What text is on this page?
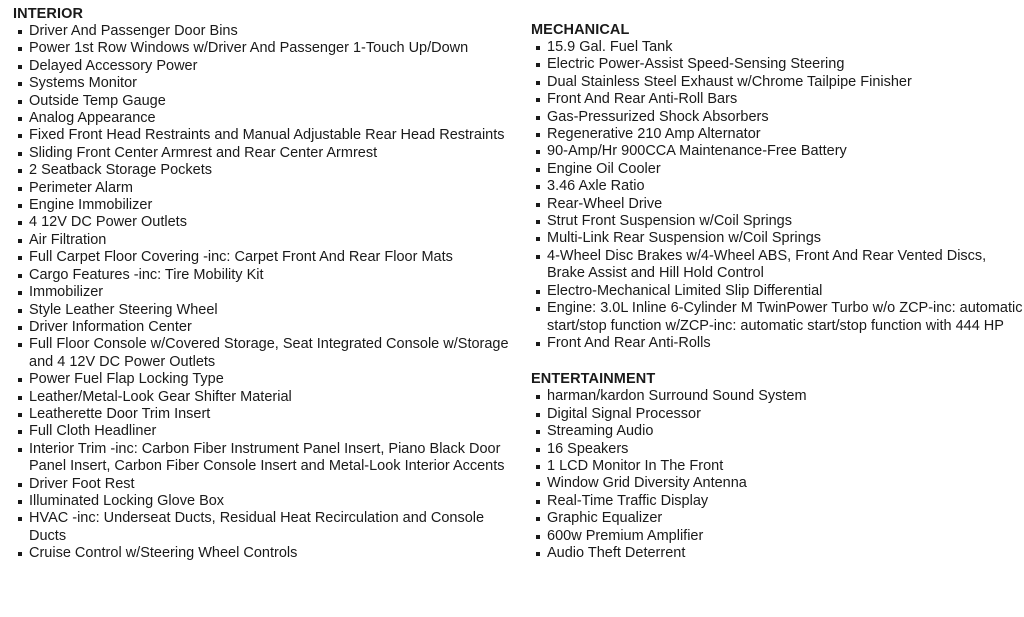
INTERIOR
Driver And Passenger Door Bins
Power 1st Row Windows w/Driver And Passenger 1-Touch Up/Down
Delayed Accessory Power
Systems Monitor
Outside Temp Gauge
Analog Appearance
Fixed Front Head Restraints and Manual Adjustable Rear Head Restraints
Sliding Front Center Armrest and Rear Center Armrest
2 Seatback Storage Pockets
Perimeter Alarm
Engine Immobilizer
4 12V DC Power Outlets
Air Filtration
Full Carpet Floor Covering -inc: Carpet Front And Rear Floor Mats
Cargo Features -inc: Tire Mobility Kit
Immobilizer
Style Leather Steering Wheel
Driver Information Center
Full Floor Console w/Covered Storage, Seat Integrated Console w/Storage and 4 12V DC Power Outlets
Power Fuel Flap Locking Type
Leather/Metal-Look Gear Shifter Material
Leatherette Door Trim Insert
Full Cloth Headliner
Interior Trim -inc: Carbon Fiber Instrument Panel Insert, Piano Black Door Panel Insert, Carbon Fiber Console Insert and Metal-Look Interior Accents
Driver Foot Rest
Illuminated Locking Glove Box
HVAC -inc: Underseat Ducts, Residual Heat Recirculation and Console Ducts
Cruise Control w/Steering Wheel Controls
MECHANICAL
15.9 Gal. Fuel Tank
Electric Power-Assist Speed-Sensing Steering
Dual Stainless Steel Exhaust w/Chrome Tailpipe Finisher
Front And Rear Anti-Roll Bars
Gas-Pressurized Shock Absorbers
Regenerative 210 Amp Alternator
90-Amp/Hr 900CCA Maintenance-Free Battery
Engine Oil Cooler
3.46 Axle Ratio
Rear-Wheel Drive
Strut Front Suspension w/Coil Springs
Multi-Link Rear Suspension w/Coil Springs
4-Wheel Disc Brakes w/4-Wheel ABS, Front And Rear Vented Discs, Brake Assist and Hill Hold Control
Electro-Mechanical Limited Slip Differential
Engine: 3.0L Inline 6-Cylinder M TwinPower Turbo w/o ZCP-inc: automatic start/stop function w/ZCP-inc: automatic start/stop function with 444 HP
Front And Rear Anti-Rolls
ENTERTAINMENT
harman/kardon Surround Sound System
Digital Signal Processor
Streaming Audio
16 Speakers
1 LCD Monitor In The Front
Window Grid Diversity Antenna
Real-Time Traffic Display
Graphic Equalizer
600w Premium Amplifier
Audio Theft Deterrent
